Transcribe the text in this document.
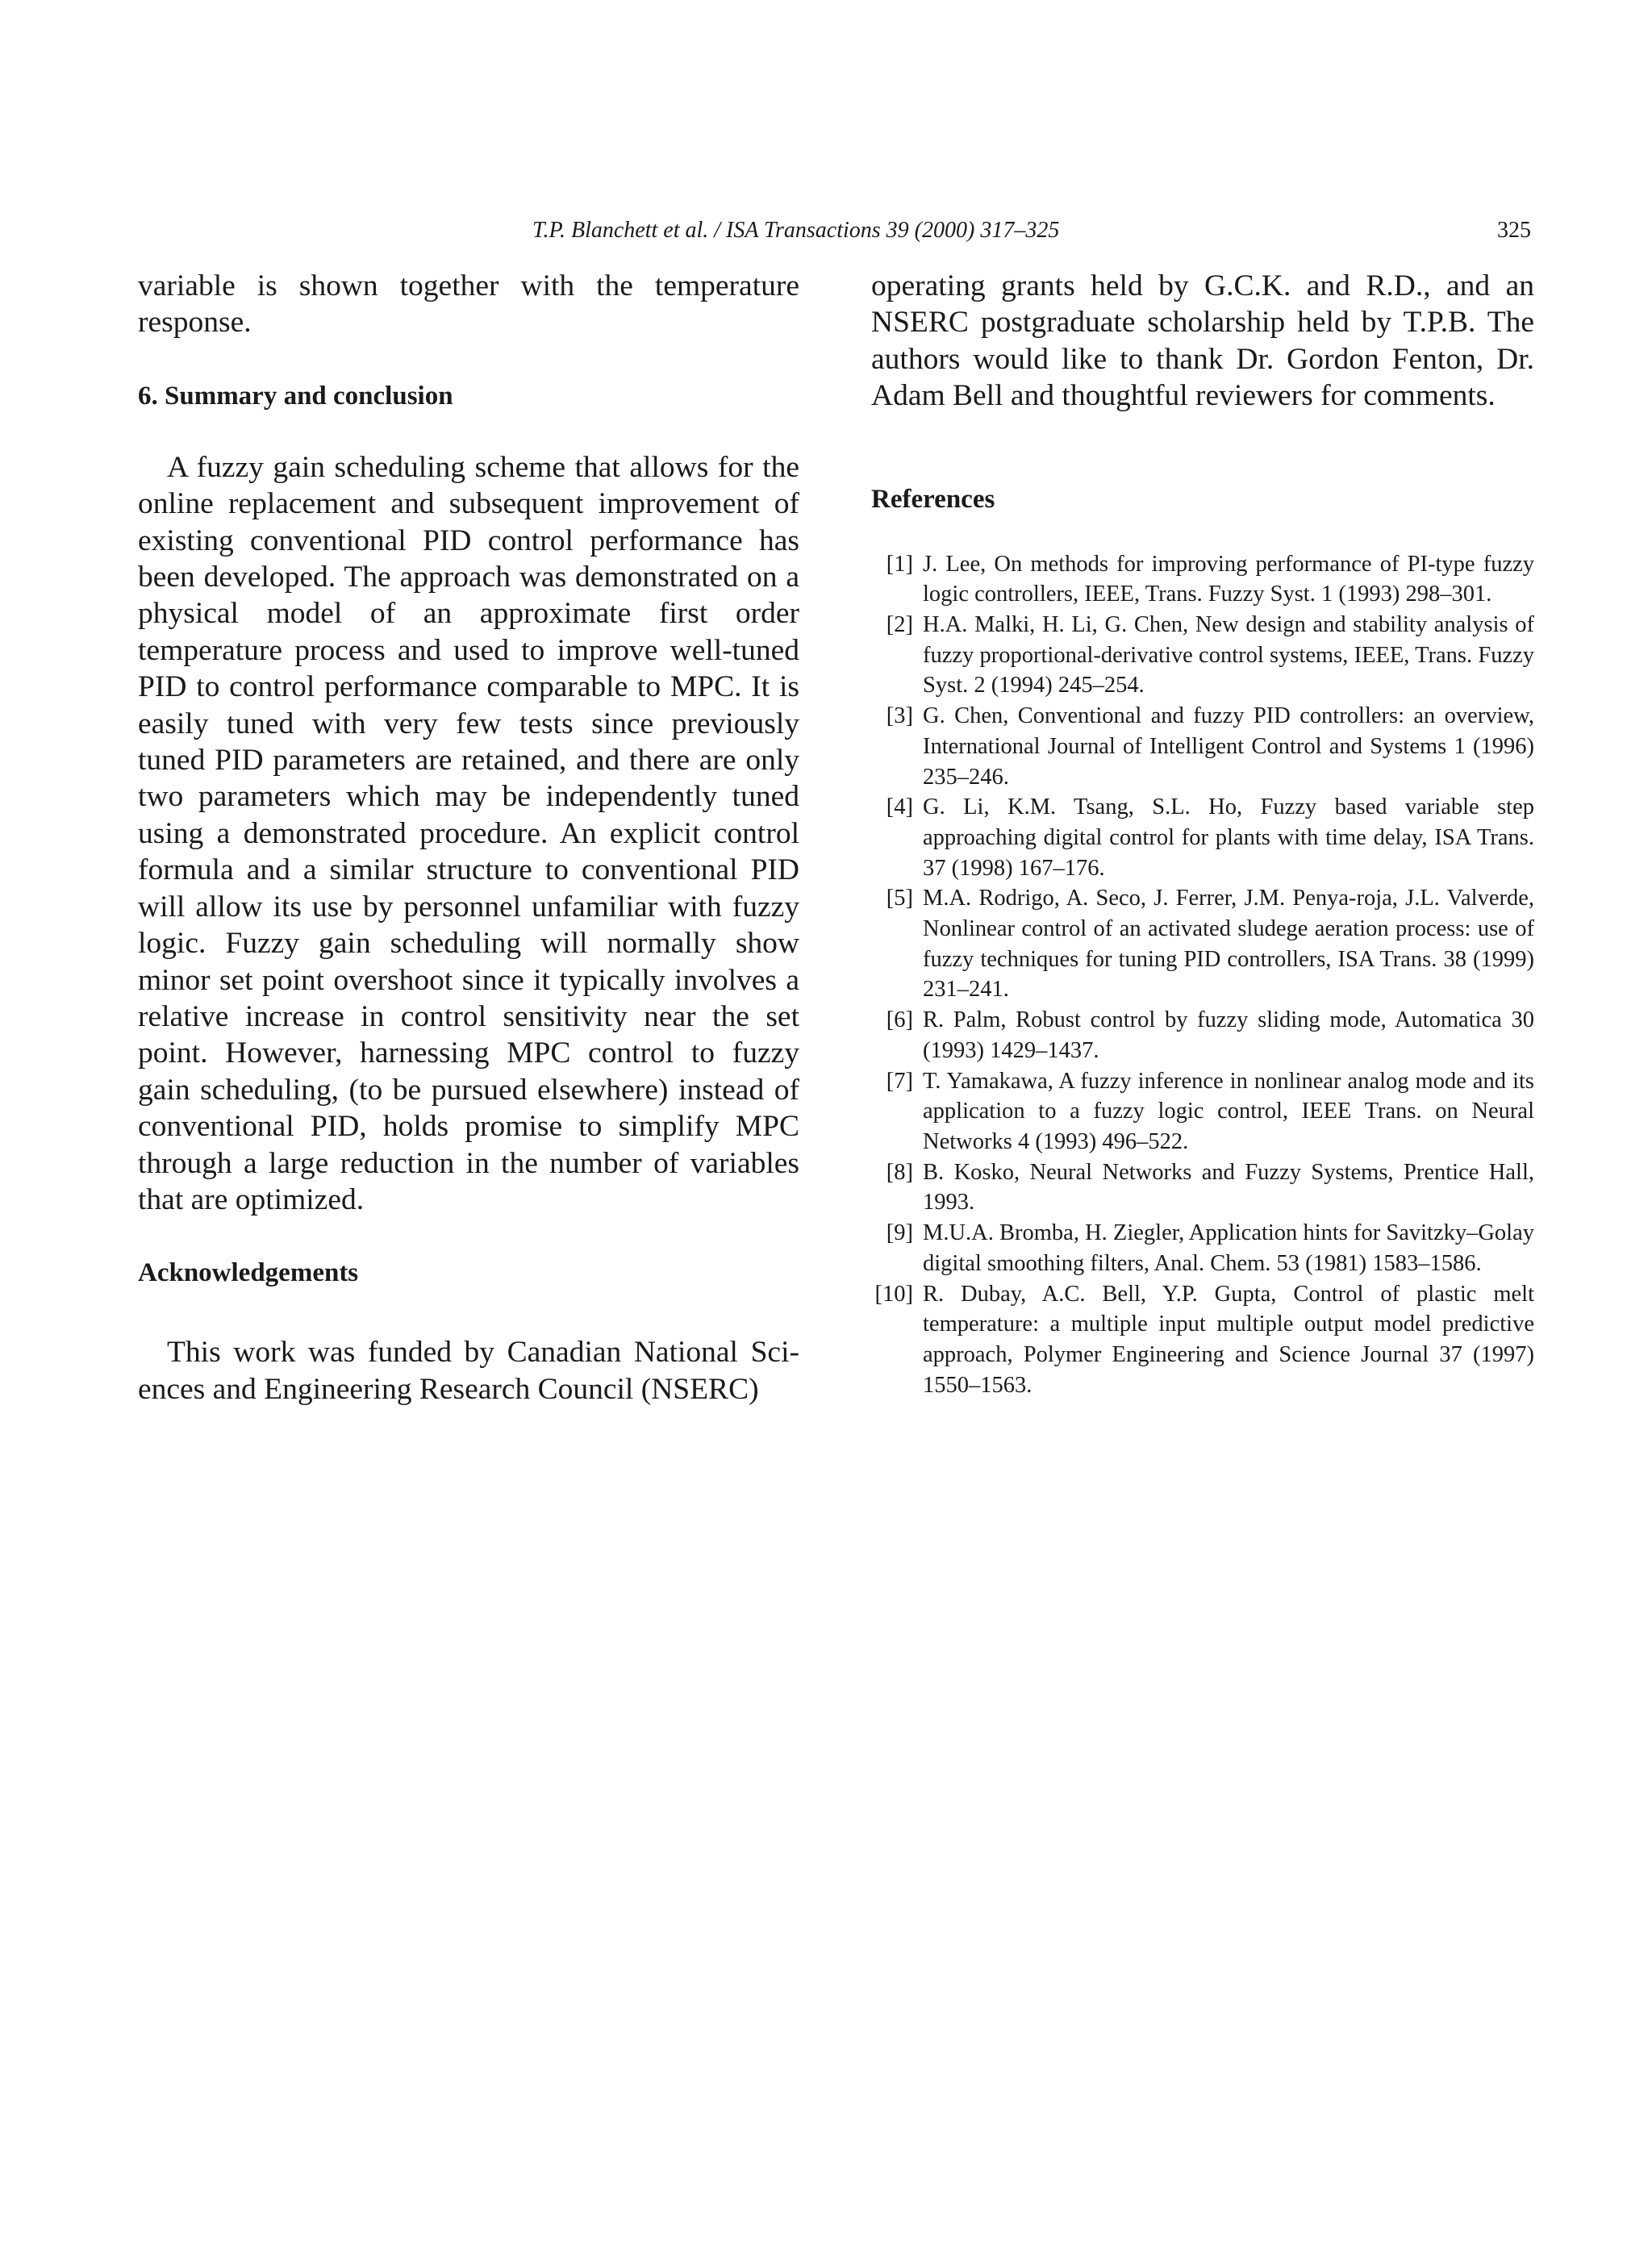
T.P. Blanchett et al. / ISA Transactions 39 (2000) 317–325	325

variable is shown together with the temperature response.

6. Summary and conclusion

A fuzzy gain scheduling scheme that allows for the online replacement and subsequent improvement of existing conventional PID control performance has been developed. The approach was demonstrated on a physical model of an approximate first order temperature process and used to improve well-tuned PID to control performance comparable to MPC. It is easily tuned with very few tests since previously tuned PID parameters are retained, and there are only two parameters which may be independently tuned using a demonstrated procedure. An explicit control formula and a similar structure to conventional PID will allow its use by personnel unfamiliar with fuzzy logic. Fuzzy gain scheduling will normally show minor set point overshoot since it typically involves a relative increase in control sensitivity near the set point. However, harnessing MPC control to fuzzy gain scheduling, (to be pursued elsewhere) instead of conventional PID, holds promise to simplify MPC through a large reduction in the number of variables that are optimized.

Acknowledgements

This work was funded by Canadian National Sciences and Engineering Research Council (NSERC)

operating grants held by G.C.K. and R.D., and an NSERC postgraduate scholarship held by T.P.B. The authors would like to thank Dr. Gordon Fenton, Dr. Adam Bell and thoughtful reviewers for comments.

References
[1] J. Lee, On methods for improving performance of PI-type fuzzy logic controllers, IEEE, Trans. Fuzzy Syst. 1 (1993) 298–301.
[2] H.A. Malki, H. Li, G. Chen, New design and stability analysis of fuzzy proportional-derivative control systems, IEEE, Trans. Fuzzy Syst. 2 (1994) 245–254.
[3] G. Chen, Conventional and fuzzy PID controllers: an overview, International Journal of Intelligent Control and Systems 1 (1996) 235–246.
[4] G. Li, K.M. Tsang, S.L. Ho, Fuzzy based variable step approaching digital control for plants with time delay, ISA Trans. 37 (1998) 167–176.
[5] M.A. Rodrigo, A. Seco, J. Ferrer, J.M. Penya-roja, J.L. Valverde, Nonlinear control of an activated sludege aeration process: use of fuzzy techniques for tuning PID controllers, ISA Trans. 38 (1999) 231–241.
[6] R. Palm, Robust control by fuzzy sliding mode, Automatica 30 (1993) 1429–1437.
[7] T. Yamakawa, A fuzzy inference in nonlinear analog mode and its application to a fuzzy logic control, IEEE Trans. on Neural Networks 4 (1993) 496–522.
[8] B. Kosko, Neural Networks and Fuzzy Systems, Prentice Hall, 1993.
[9] M.U.A. Bromba, H. Ziegler, Application hints for Savitzky–Golay digital smoothing filters, Anal. Chem. 53 (1981) 1583–1586.
[10] R. Dubay, A.C. Bell, Y.P. Gupta, Control of plastic melt temperature: a multiple input multiple output model predictive approach, Polymer Engineering and Science Journal 37 (1997) 1550–1563.
